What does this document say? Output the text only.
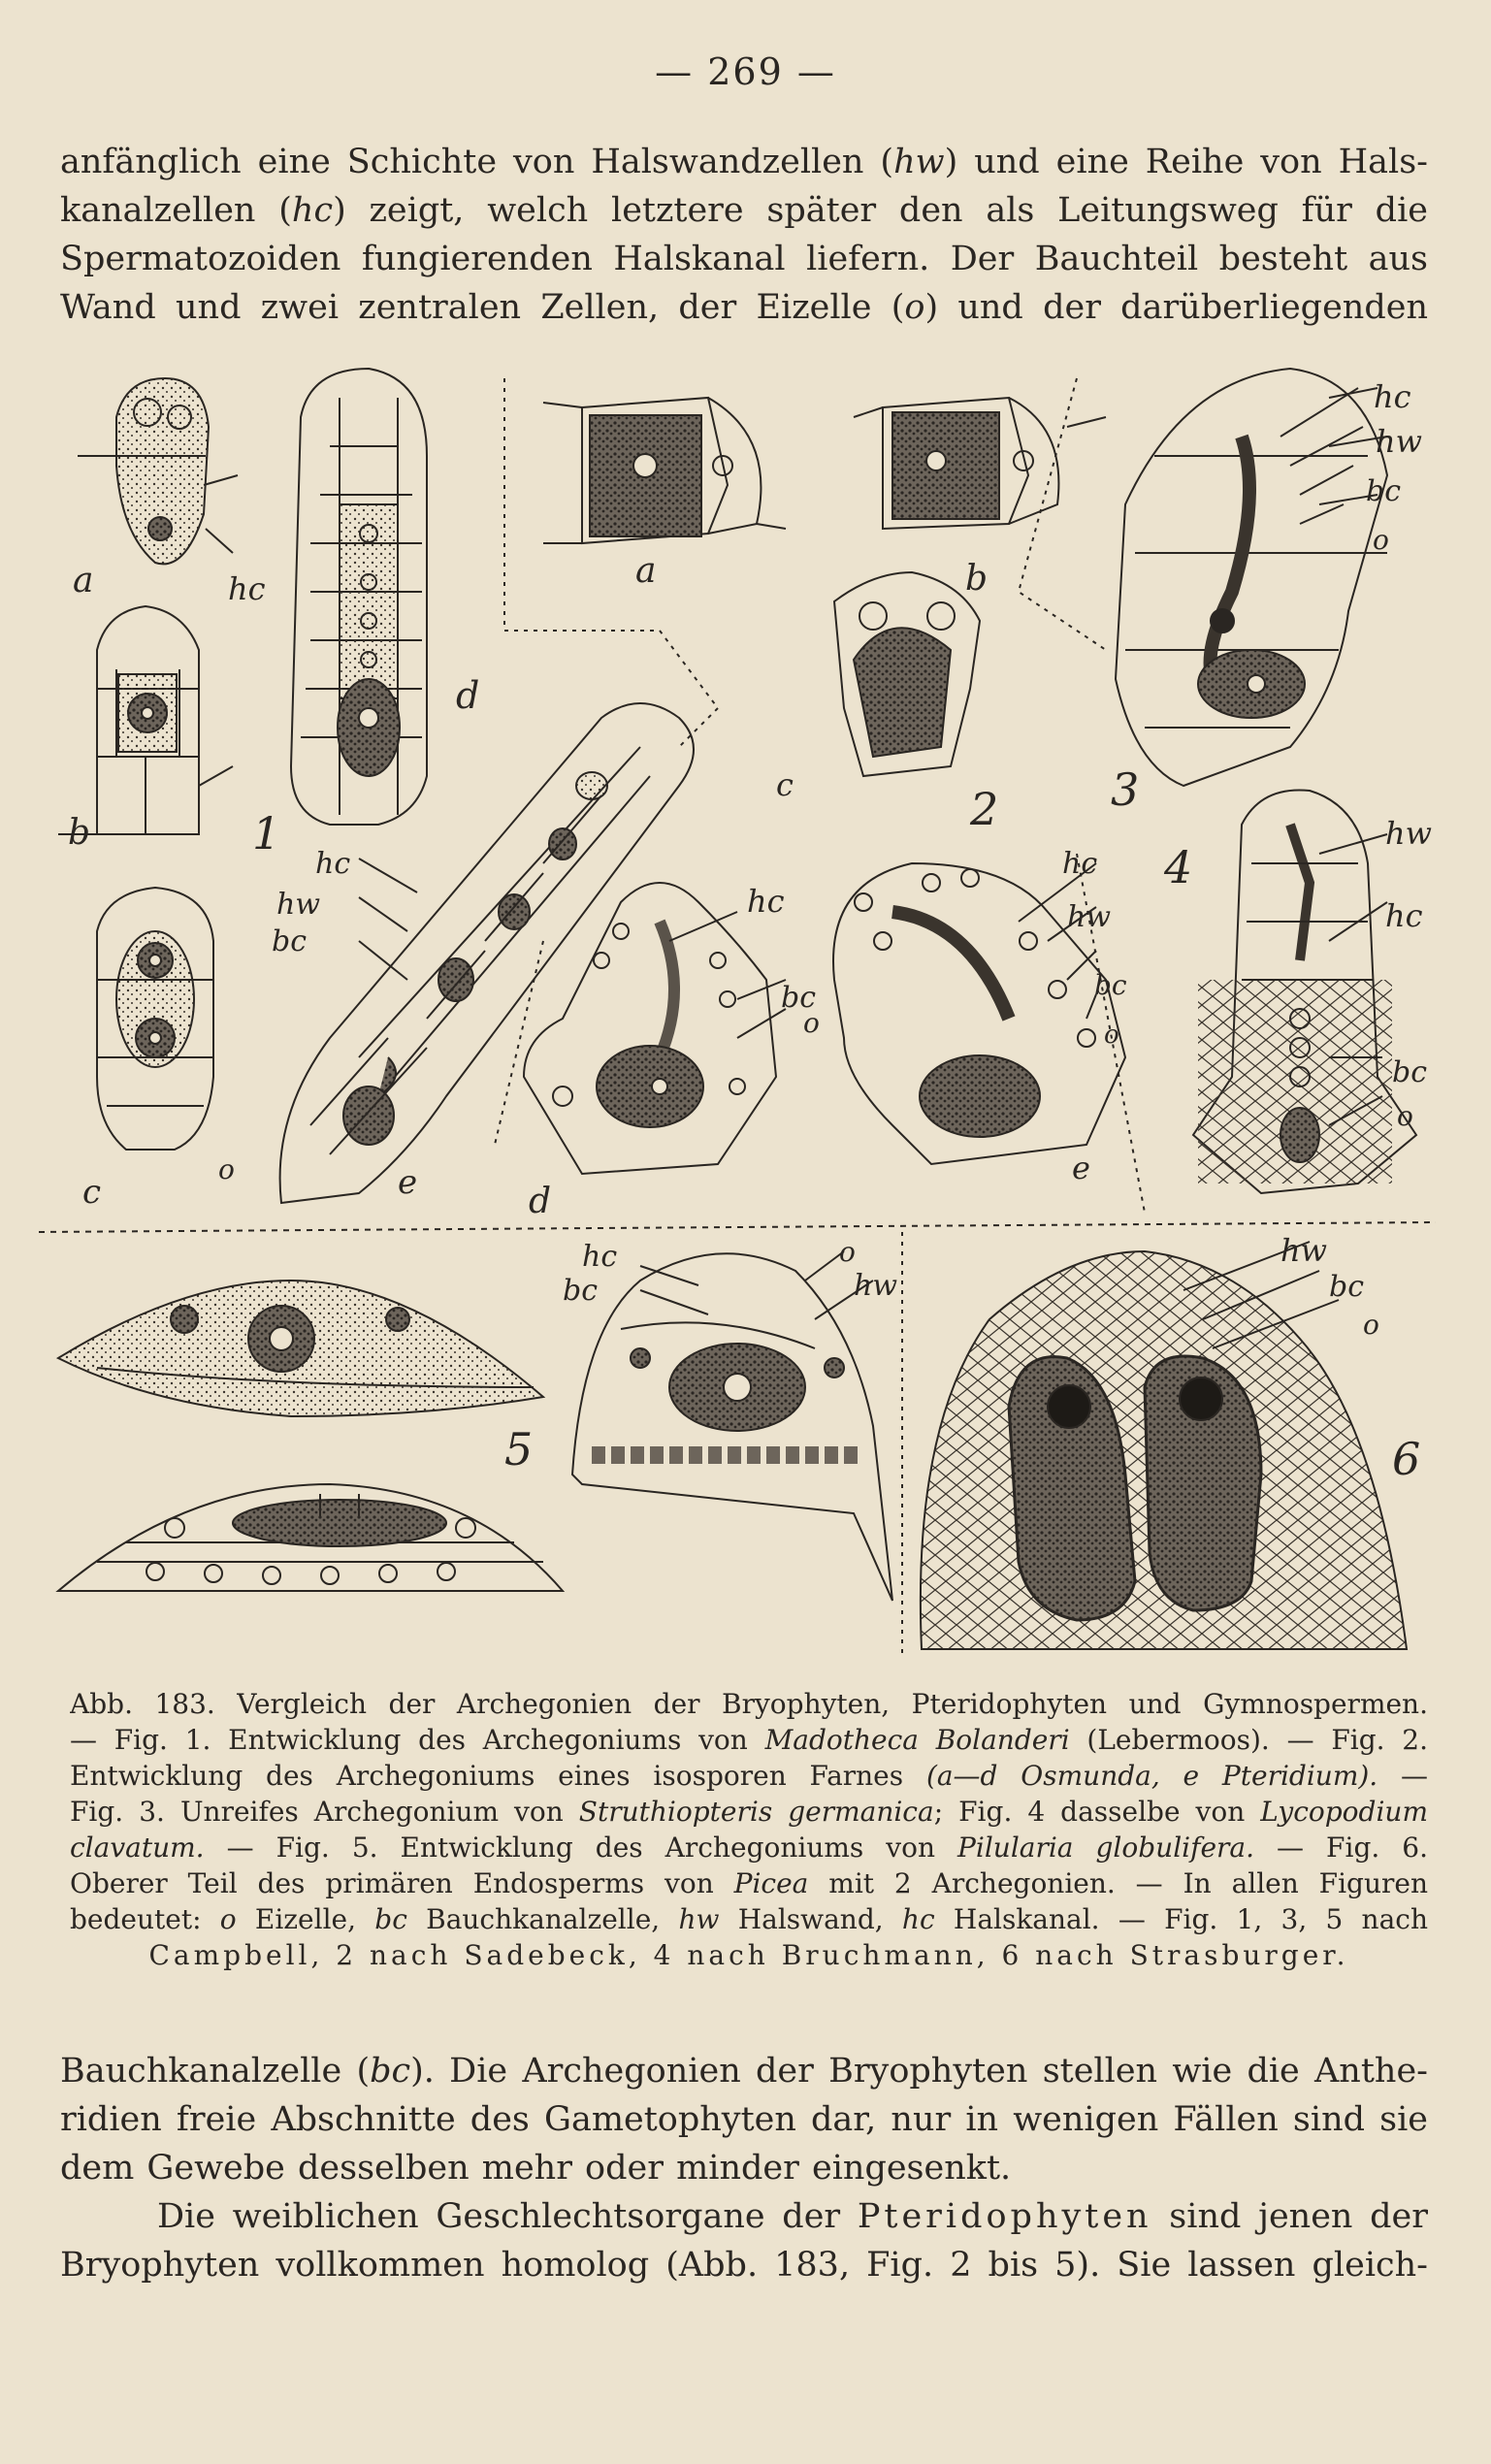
— 269 —
anfänglich eine Schichte von Halswandzellen (hw) und eine Reihe von Hals-
kanalzellen (hc) zeigt, welch letztere später den als Leitungsweg für die
Spermatozoiden fungierenden Halskanal liefern. Der Bauchteil besteht aus
Wand und zwei zentralen Zellen, der Eizelle (o) und der darüberliegenden
a
b
c
d
e
hc
1
a	b
c
d
e
2
hc
hw
bc
o
hc
bc
o
hc
hw
bc
o
hc
hw
bc
o
3
hw
hc
bc
o
4
hc
bc
o
hw
5
hw
bc
o
6
Abb. 183. Vergleich der Archegonien der Bryophyten, Pteridophyten und Gymnospermen.
— Fig. 1. Entwicklung des Archegoniums von Madotheca Bolanderi (Lebermoos). — Fig. 2.
Entwicklung des Archegoniums eines isosporen Farnes (a—d Osmunda, e Pteridium). —
Fig. 3. Unreifes Archegonium von Struthiopteris germanica; Fig. 4 dasselbe von Lycopodium
clavatum. — Fig. 5. Entwicklung des Archegoniums von Pilularia globulifera. — Fig. 6.
Oberer Teil des primären Endosperms von Picea mit 2 Archegonien. — In allen Figuren
bedeutet: o Eizelle, bc Bauchkanalzelle, hw Halswand, hc Halskanal. — Fig. 1, 3, 5 nach
Campbell, 2 nach Sadebeck, 4 nach Bruchmann, 6 nach Strasburger.
Bauchkanalzelle (bc). Die Archegonien der Bryophyten stellen wie die Anthe-
ridien freie Abschnitte des Gametophyten dar, nur in wenigen Fällen sind sie
dem Gewebe desselben mehr oder minder eingesenkt.
Die weiblichen Geschlechtsorgane der Pteridophyten sind jenen der
Bryophyten vollkommen homolog (Abb. 183, Fig. 2 bis 5). Sie lassen gleich-
